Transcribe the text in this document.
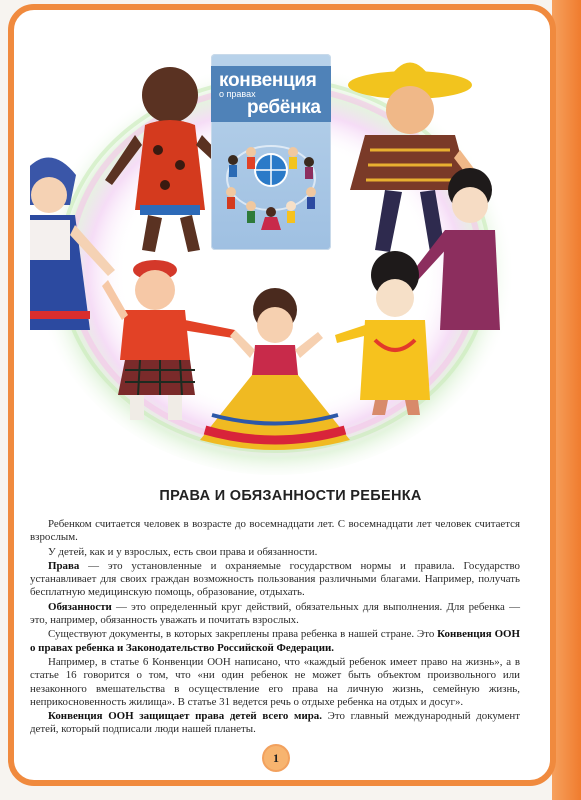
конвенция
о правах
ребёнка
ПРАВА И ОБЯЗАННОСТИ РЕБЕНКА

Ребенком считается человек в возрасте до восемнадцати лет. С восемнадцати лет человек считается взрослым.

У детей, как и у взрослых, есть свои права и обязанности.

Права — это установленные и охраняемые государством нормы и правила. Государство устанавливает для своих граждан возможность пользования различными благами. Например, получать бесплатную медицинскую помощь, образование, отдыхать.

Обязанности — это определенный круг действий, обязательных для выполнения. Для ребенка — это, например, обязанность уважать и почитать взрослых.

Существуют документы, в которых закреплены права ребенка в нашей стране. Это Конвенция ООН о правах ребенка и Законодательство Российской Федерации.

Например, в статье 6 Конвенции ООН написано, что «каждый ребенок имеет право на жизнь», а в статье 16 говорится о том, что «ни один ребенок не может быть объектом произвольного или незаконного вмешательства в осуществление его права на личную жизнь, семейную жизнь, неприкосновенность жилища». В статье 31 ведется речь о отдыхе ребенка на отдых и досуг».

Конвенция ООН защищает права детей всего мира. Это главный международный документ детей, который подписали люди нашей планеты.

1
